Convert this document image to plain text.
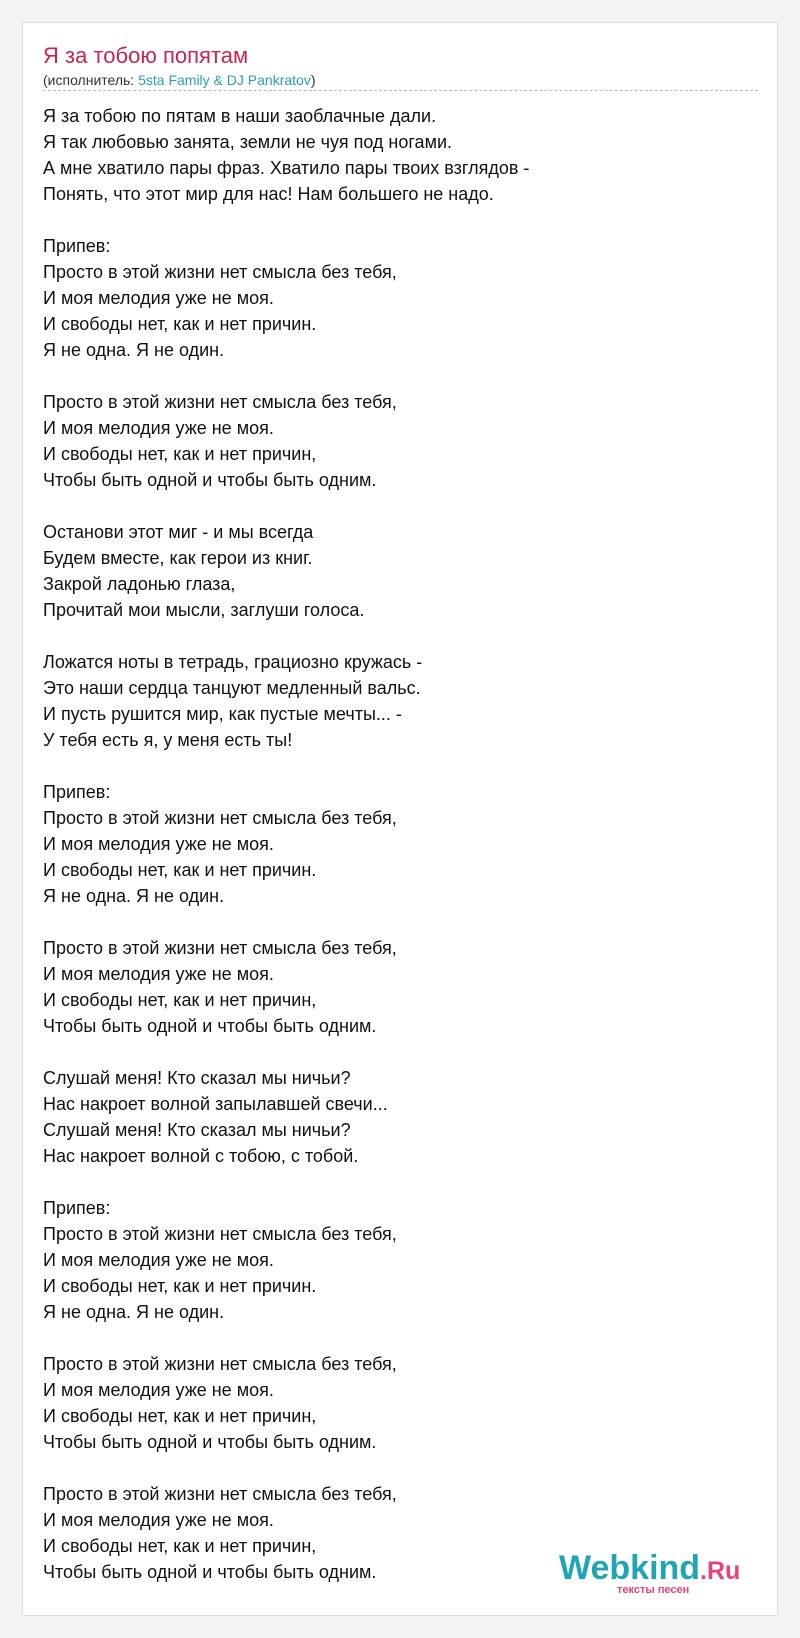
Я за тобою попятам
(исполнитель: 5sta Family & DJ Pankratov)
Я за тобою по пятам в наши заоблачные дали.
Я так любовью занята, земли не чуя под ногами.
А мне хватило пары фраз. Хватило пары твоих взглядов -
Понять, что этот мир для нас! Нам большего не надо.
Припев:
Просто в этой жизни нет смысла без тебя,
И моя мелодия уже не моя.
И свободы нет, как и нет причин.
Я не одна. Я не один.
Просто в этой жизни нет смысла без тебя,
И моя мелодия уже не моя.
И свободы нет, как и нет причин,
Чтобы быть одной и чтобы быть одним.
Останови этот миг - и мы всегда
Будем вместе, как герои из книг.
Закрой ладонью глаза,
Прочитай мои мысли, заглуши голоса.
Ложатся ноты в тетрадь, грациозно кружась -
Это наши сердца танцуют медленный вальс.
И пусть рушится мир, как пустые мечты... -
У тебя есть я, у меня есть ты!
Припев:
Просто в этой жизни нет смысла без тебя,
И моя мелодия уже не моя.
И свободы нет, как и нет причин.
Я не одна. Я не один.
Просто в этой жизни нет смысла без тебя,
И моя мелодия уже не моя.
И свободы нет, как и нет причин,
Чтобы быть одной и чтобы быть одним.
Слушай меня! Кто сказал мы ничьи?
Нас накроет волной запылавшей свечи...
Слушай меня! Кто сказал мы ничьи?
Нас накроет волной с тобою, с тобой.
Припев:
Просто в этой жизни нет смысла без тебя,
И моя мелодия уже не моя.
И свободы нет, как и нет причин.
Я не одна. Я не один.
Просто в этой жизни нет смысла без тебя,
И моя мелодия уже не моя.
И свободы нет, как и нет причин,
Чтобы быть одной и чтобы быть одним.
Просто в этой жизни нет смысла без тебя,
И моя мелодия уже не моя.
И свободы нет, как и нет причин,
Чтобы быть одной и чтобы быть одним.	Webkind.Ru
тексты песен
